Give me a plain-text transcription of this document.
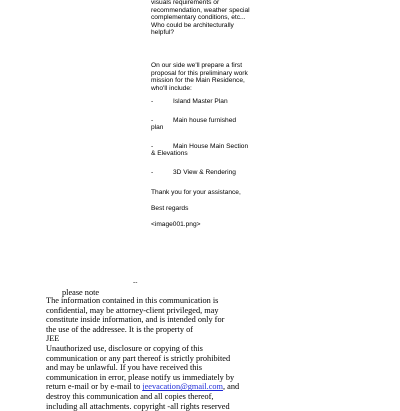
visuals requirements or
recommendation, weather special
complementary conditions, etc...
Who could be architecturally
helpful?
On our side we'll prepare a first
proposal for this preliminary work
mission for the Main Residence,
who'll include:
-	Island Master Plan
-	Main house furnished
plan
-	Main House Main Section
& Elevations
-	3D View & Rendering
Thank you for your assistance,
Best regards
<image001.png>
--
please note
The information contained in this communication is
confidential, may be attorney-client privileged, may
constitute inside information, and is intended only for
the use of the addressee. It is the property of
JEE
Unauthorized use, disclosure or copying of this
communication or any part thereof is strictly prohibited
and may be unlawful. If you have received this
communication in error, please notify us immediately by
return e-mail or by e-mail to jeevacation@gmail.com, and
destroy this communication and all copies thereof,
including all attachments. copyright -all rights reserved
